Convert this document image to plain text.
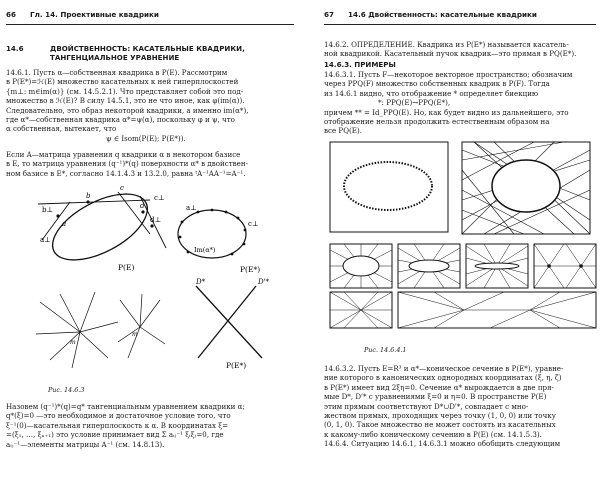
66 Гл. 14. Проективные квадрики
14.6	ДВОЙСТВЕННОСТЬ: КАСАТЕЛЬНЫЕ КВАДРИКИ,
ТАНГЕНЦИАЛЬНОЕ УРАВНЕНИЕ
14.6.1. Пусть α—собственная квадрика в P(E). Рассмотрим
в P(E*)=ℋ(E) множество касательных к ней гиперплоскостей
{m⊥: m∈im(α)} (см. 14.5.2.1). Что представляет собой это под-
множество в ℋ(E)? В силу 14.5.1, это не что иное, как φ(im(α)).
Следовательно, это образ некоторой квадрики, а именно im(α*),
где α*—собственная квадрика α*=ψ(α), поскольку φ и ψ, что
α собственная, вытекает, что
ψ ∈ Isom(P(E); P(E*)).
Если A—матрица уравнения q квадрики α в некотором базисе
в E, то матрица уравнения (q⁻¹)*(q) поверхности α* в двойствен-
ном базисе в E*, согласно 14.1.4.3 и 13.2.0, равна ᵗA⁻¹AA⁻¹=A⁻¹.
b⊥
a⊥
a
b
c
d
c⊥
d⊥
P(E)
a⊥
c⊥
Im(α*)
P(E*)
m
m
D*	D'*
P(E*)
Рис. 14.6.3
Назовем (q⁻¹)*(q)=q* тангенциальным уравнением квадрики α;
q*(ξ)=0 —это необходимое и достаточное условие того, что
ξ⁻¹(0)—касательная гиперплоскость к α. В координатах ξ=
=(ξ₁, …, ξₙ₊₁) это условие принимает вид Σ aᵢⱼ⁻¹ ξᵢξⱼ=0, где
aᵢⱼ⁻¹—элементы матрицы A⁻¹ (см. 14.8.13).
67 14.6 Двойственность: касательные квадрики
14.6.2. ОПРЕДЕЛЕНИЕ. Квадрика из P(E*) называется касатель-
ной квадрикой. Касательный пучок квадрик—это прямая в PQ(E*).
14.6.3. ПРИМЕРЫ
14.6.3.1. Пусть F—некоторое векторное пространство; обозначим
через PPQ(F) множество собственных квадрик в P(F). Тогда
из 14.6.1 видно, что отображение * определяет биекцию
*: PPQ(E)→PPQ(E*),
причем ** = Id_PPQ(E). Но, как будет видно из дальнейшего, это
отображение нельзя продолжить естественным образом на
все PQ(E).
Рис. 14.6.4.1
14.6.3.2. Пусть E=R³ и α*—коническое сечение в P(E*), уравне-
ние которого в канонических однородных координатах (ξ, η, ζ)
в P(E*) имеет вид 2ξη=0. Сечение α* вырождается в две пря-
мые D*, D'* с уравнениями ξ=0 и η=0. В пространстве P(E)
этим прямым соответствуют D*∪D'*, совпадает с мно-
жеством прямых, проходящих через точку (1, 0, 0) или точку
(0, 1, 0). Такое множество не может состоять из касательных
к какому-либо коническому сечению в P(E) (см. 14.1.5.3).
14.6.4. Ситуацию 14.6.1, 14.6.3.1 можно обобщить следующим
